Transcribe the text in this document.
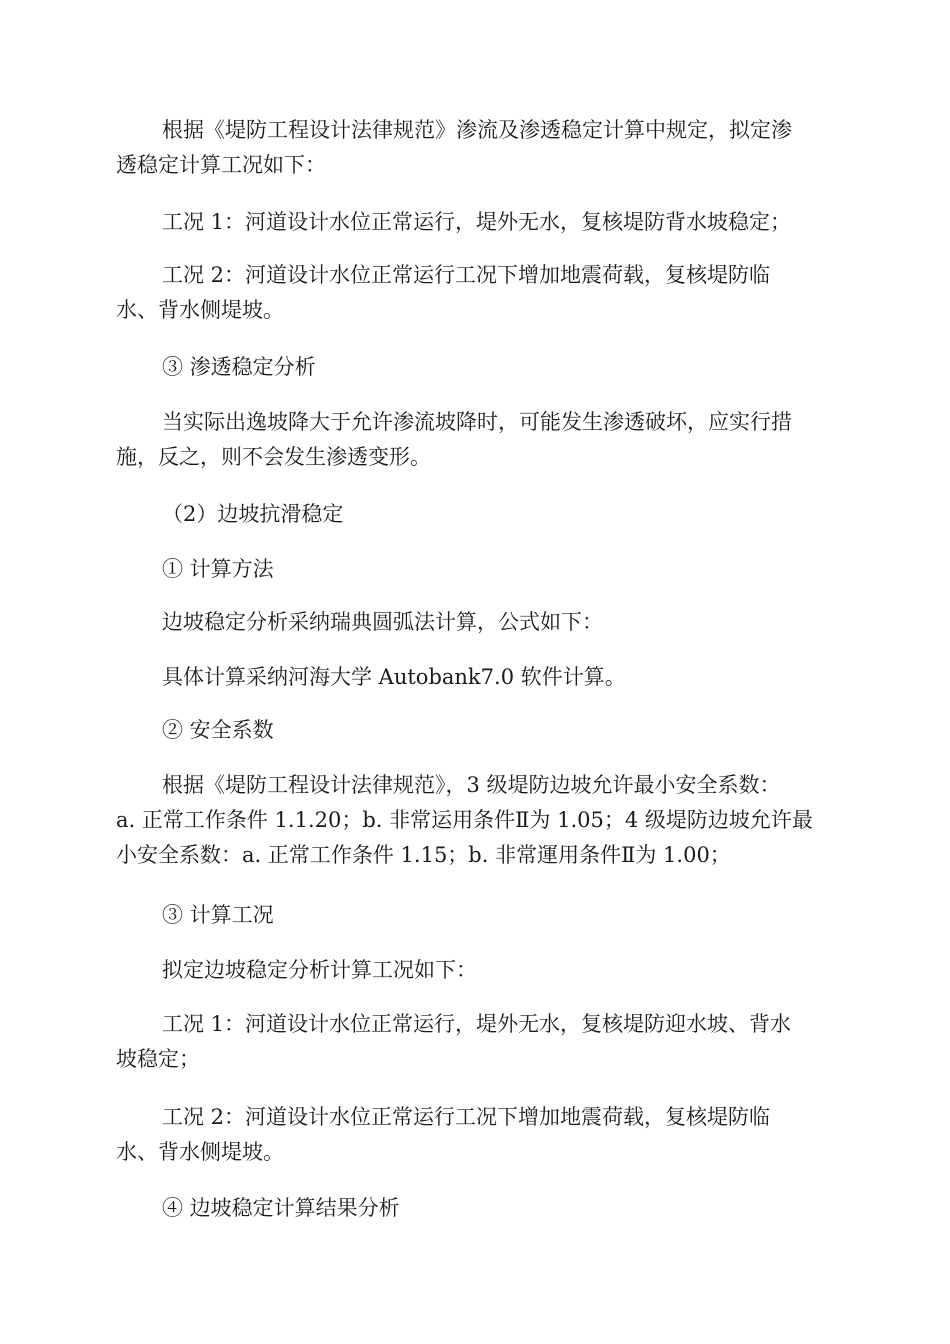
根据《堤防工程设计法律规范》渗流及渗透稳定计算中规定，拟定渗
透稳定计算工况如下：

工况 1：河道设计水位正常运行，堤外无水，复核堤防背水坡稳定；

工况 2：河道设计水位正常运行工况下增加地震荷载，复核堤防临
水、背水侧堤坡。

③ 渗透稳定分析

当实际出逸坡降大于允许渗流坡降时，可能发生渗透破坏，应实行措
施，反之，则不会发生渗透变形。

（2）边坡抗滑稳定

① 计算方法

边坡稳定分析采纳瑞典圆弧法计算，公式如下：

具体计算采纳河海大学 Autobank7.0 软件计算。

② 安全系数

根据《堤防工程设计法律规范》，3 级堤防边坡允许最小安全系数：
a. 正常工作条件 1.1.20；b. 非常运用条件Ⅱ为 1.05；4 级堤防边坡允许最
小安全系数：a. 正常工作条件 1.15；b. 非常運用条件Ⅱ为 1.00；

③ 计算工况

拟定边坡稳定分析计算工况如下：

工况 1：河道设计水位正常运行，堤外无水，复核堤防迎水坡、背水
坡稳定；

工况 2：河道设计水位正常运行工况下增加地震荷载，复核堤防临
水、背水侧堤坡。

④ 边坡稳定计算结果分析
